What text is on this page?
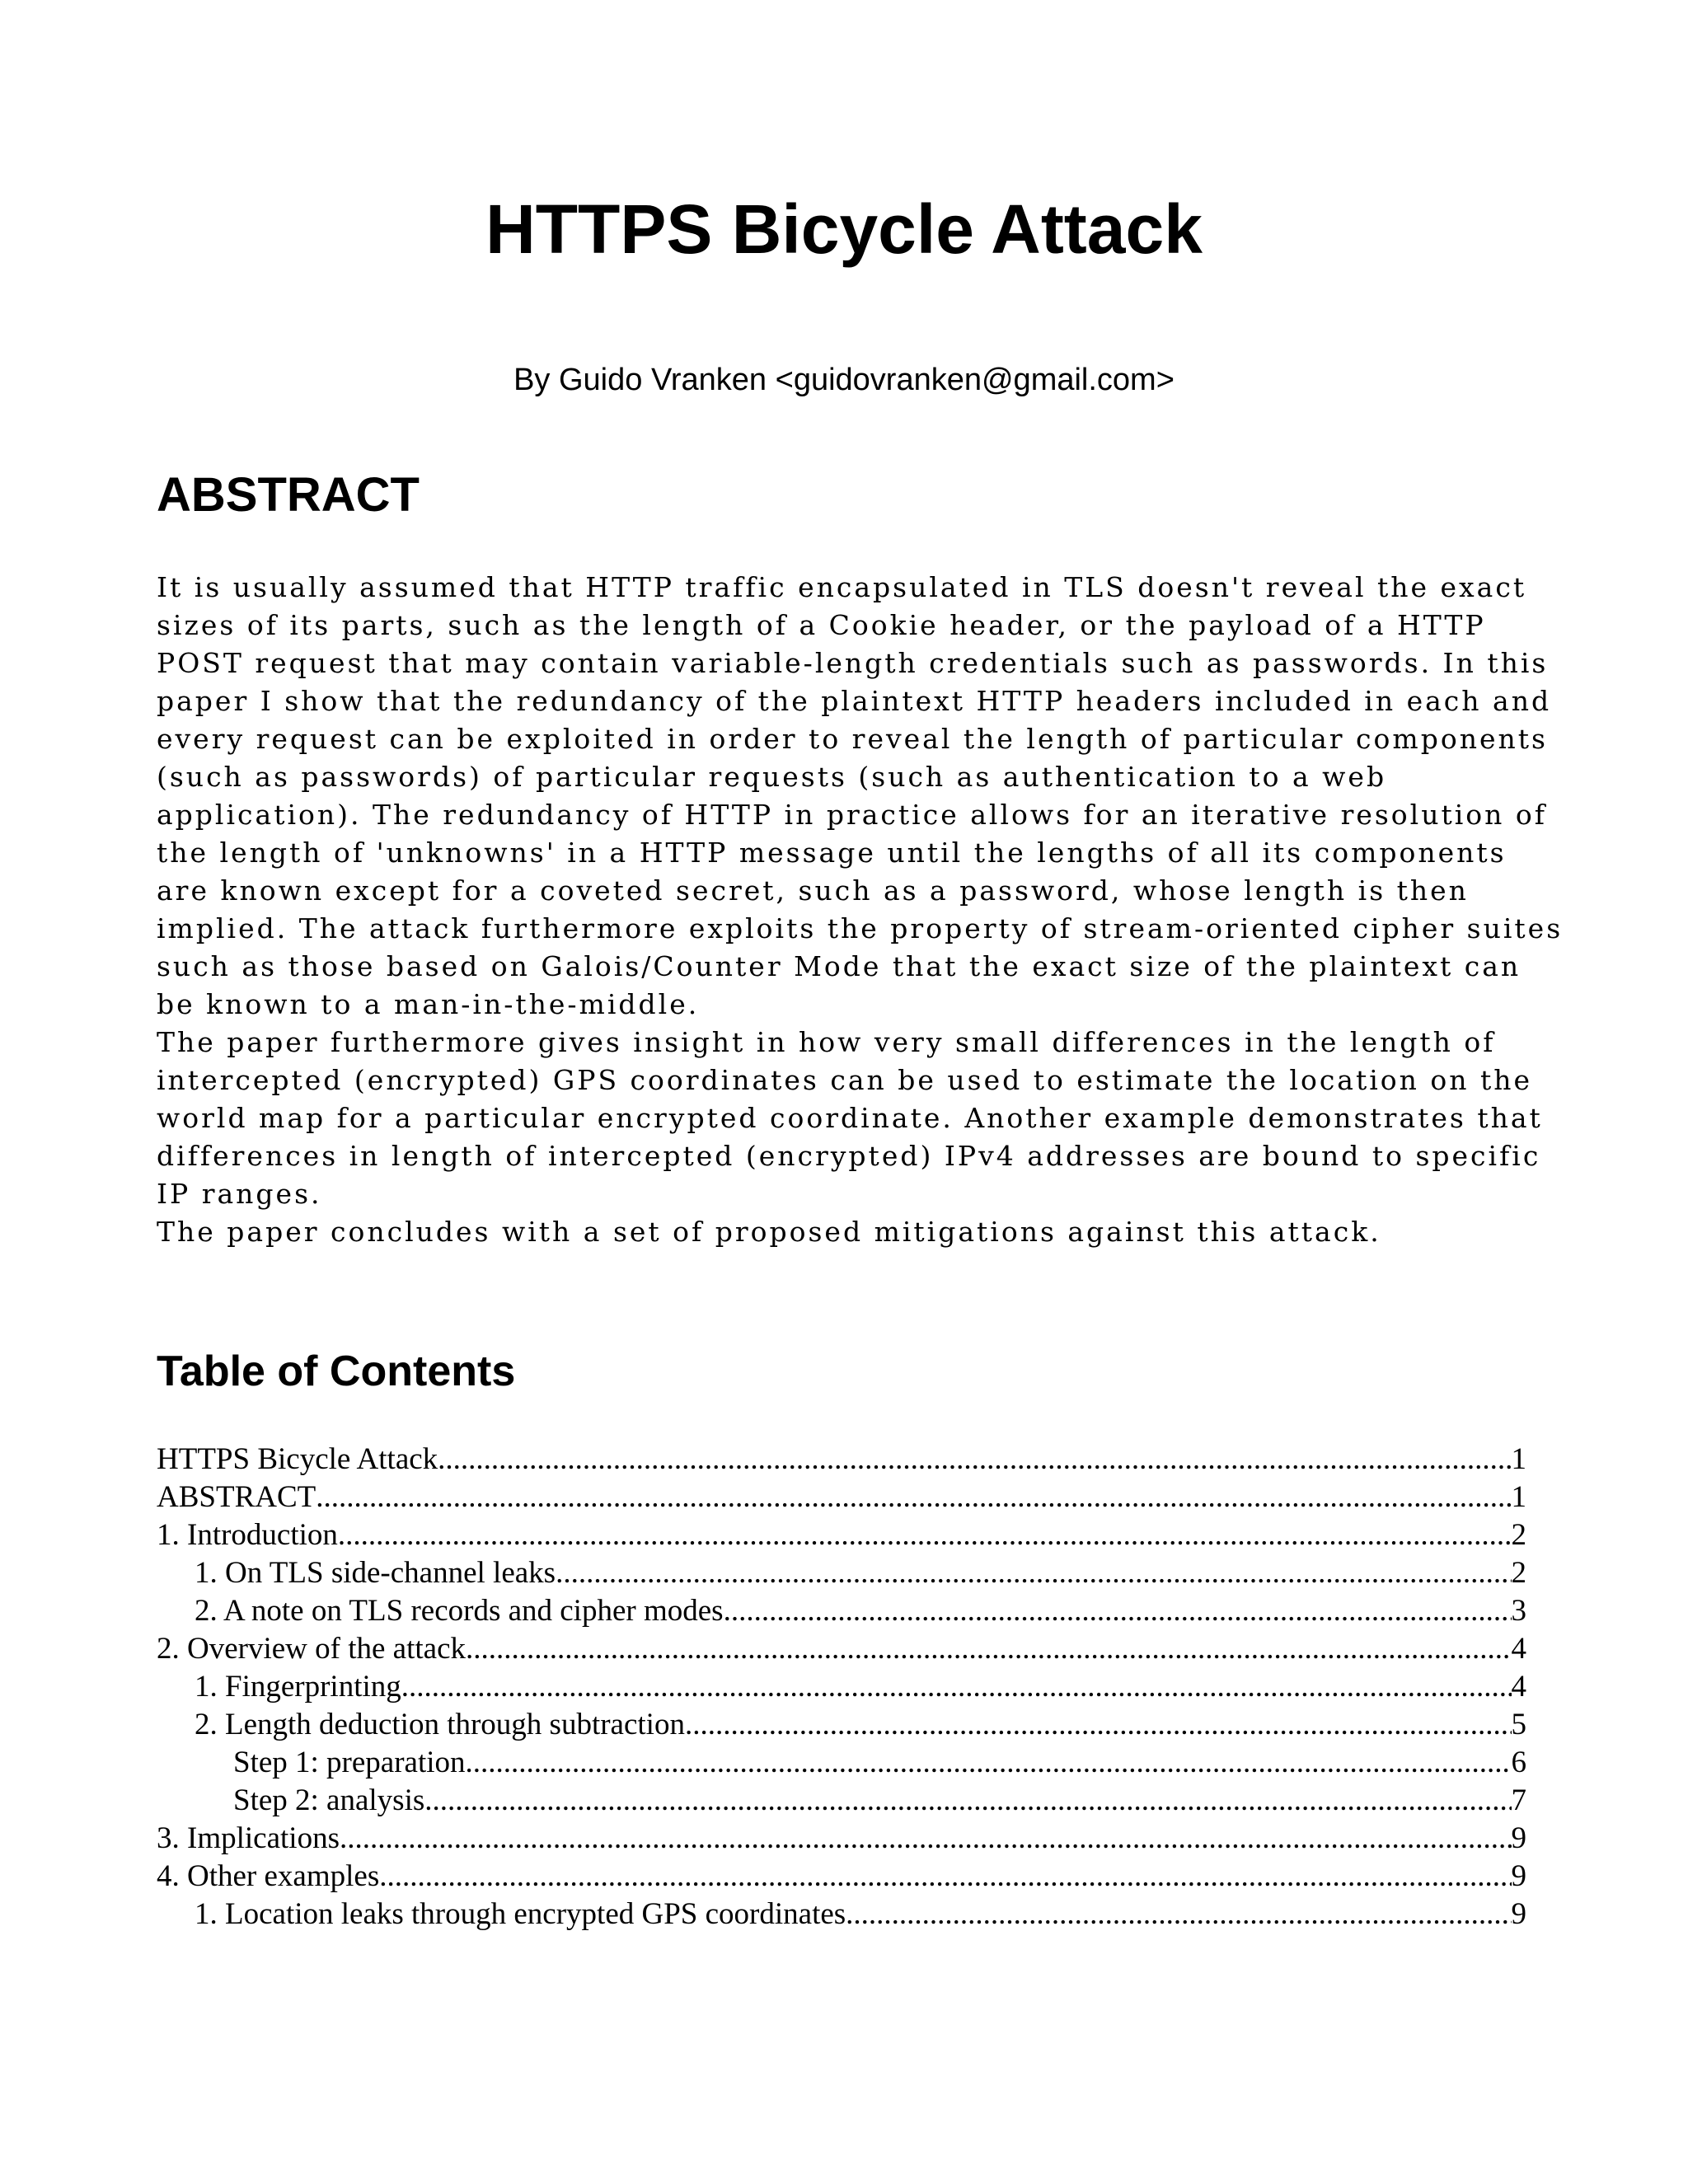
HTTPS Bicycle Attack

By Guido Vranken <guidovranken@gmail.com>

ABSTRACT
It is usually assumed that HTTP traffic encapsulated in TLS doesn't reveal the exact
sizes of its parts, such as the length of a Cookie header, or the payload of a HTTP
POST request that may contain variable-length credentials such as passwords. In this
paper I show that the redundancy of the plaintext HTTP headers included in each and
every request can be exploited in order to reveal the length of particular components
(such as passwords) of particular requests (such as authentication to a web
application). The redundancy of HTTP in practice allows for an iterative resolution of
the length of 'unknowns' in a HTTP message until the lengths of all its components
are known except for a coveted secret, such as a password, whose length is then
implied. The attack furthermore exploits the property of stream-oriented cipher suites
such as those based on Galois/Counter Mode that the exact size of the plaintext can
be known to a man-in-the-middle.
The paper furthermore gives insight in how very small differences in the length of
intercepted (encrypted) GPS coordinates can be used to estimate the location on the
world map for a particular encrypted coordinate. Another example demonstrates that
differences in length of intercepted (encrypted) IPv4 addresses are bound to specific
IP ranges.
The paper concludes with a set of proposed mitigations against this attack.
Table of Contents
HTTPS Bicycle Attack .....	1
ABSTRACT .....	1
1. Introduction .....	2
1. On TLS side-channel leaks .....	2
2. A note on TLS records and cipher modes .....	3
2. Overview of the attack .....	4
1. Fingerprinting .....	4
2. Length deduction through subtraction .....	5
Step 1: preparation .....	6
Step 2: analysis .....	7
3. Implications .....	9
4. Other examples .....	9
1. Location leaks through encrypted GPS coordinates .....	9
